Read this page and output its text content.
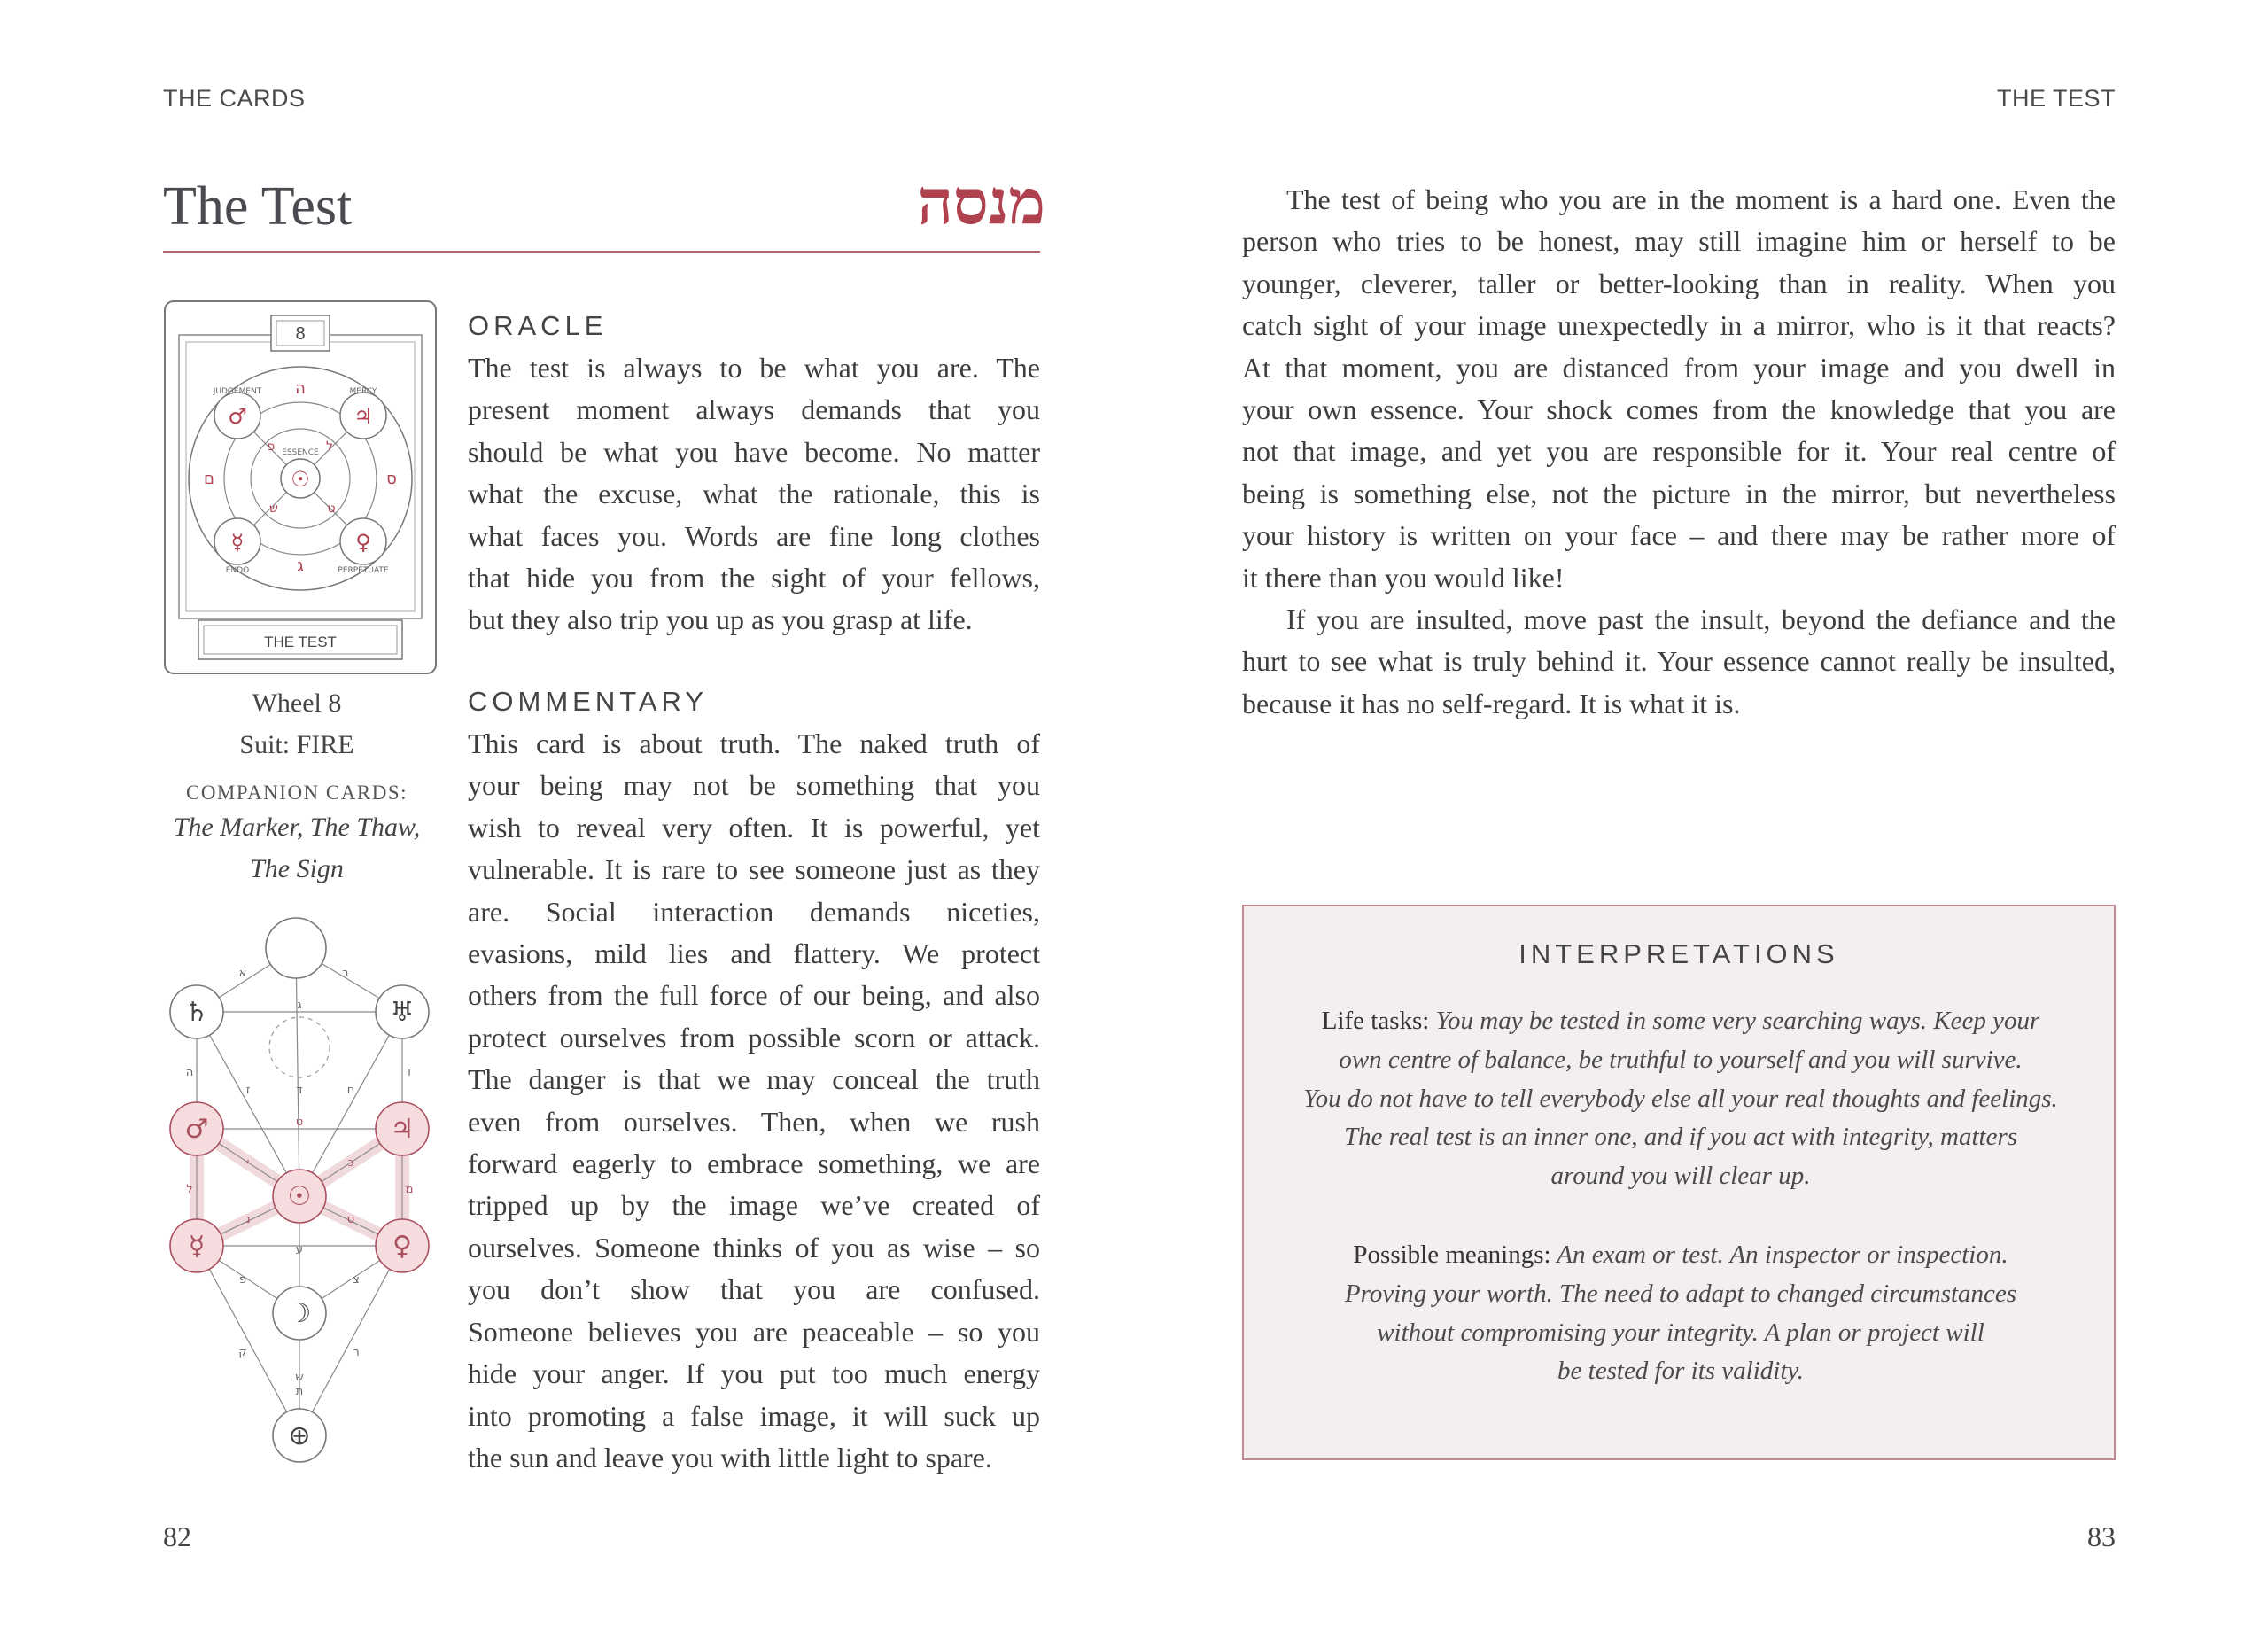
THE CARDS
The Test	מנסה
8
♂	♃
☿	♀
☉
JUDGEMENT	MERCY
ESSENCE
ENDO	PERPETUATE
ה
ם	ס
ג
ש	ט
פ	ל
THE TEST
Wheel 8
Suit: FIRE
COMPANION CARDS:
The Marker, The Thaw,
The Sign
♄	♅
♂	♃
☉
☿	♀
☽
⊕
א	ב
ג
ד
ה	ו
ז	ח
ט
י	כ
ל	מ
נ	ס
ע
פ	צ
ק	ר
ש
ת
ORACLE

The test is always to be what you are. The

present moment always demands that you

should be what you have become. No matter

what the excuse, what the rationale, this is

what faces you. Words are fine long clothes

that hide you from the sight of your fellows,

but they also trip you up as you grasp at life.

COMMENTARY

This card is about truth. The naked truth of

your being may not be something that you

wish to reveal very often. It is powerful, yet

vulnerable. It is rare to see someone just as they

are. Social interaction demands niceties,

evasions, mild lies and flattery. We protect

others from the full force of our being, and also

protect ourselves from possible scorn or attack.

The danger is that we may conceal the truth

even from ourselves. Then, when we rush

forward eagerly to embrace something, we are

tripped up by the image we’ve created of

ourselves. Someone thinks of you as wise – so

you don’t show that you are confused.

Someone believes you are peaceable – so you

hide your anger. If you put too much energy

into promoting a false image, it will suck up

the sun and leave you with little light to spare.

82
THE TEST

The test of being who you are in the moment is a hard one. Even the

person who tries to be honest, may still imagine him or herself to be

younger, cleverer, taller or better-looking than in reality. When you

catch sight of your image unexpectedly in a mirror, who is it that reacts?

At that moment, you are distanced from your image and you dwell in

your own essence. Your shock comes from the knowledge that you are

not that image, and yet you are responsible for it. Your real centre of

being is something else, not the picture in the mirror, but nevertheless

your history is written on your face – and there may be rather more of

it there than you would like!

If you are insulted, move past the insult, beyond the defiance and the

hurt to see what is truly behind it. Your essence cannot really be insulted,

because it has no self-regard. It is what it is.

INTERPRETATIONS
Life tasks: You may be tested in some very searching ways. Keep your
own centre of balance, be truthful to yourself and you will survive.
You do not have to tell everybody else all your real thoughts and feelings.
The real test is an inner one, and if you act with integrity, matters
around you will clear up.
Possible meanings: An exam or test. An inspector or inspection.
Proving your worth. The need to adapt to changed circumstances
without compromising your integrity. A plan or project will
be tested for its validity.
83
